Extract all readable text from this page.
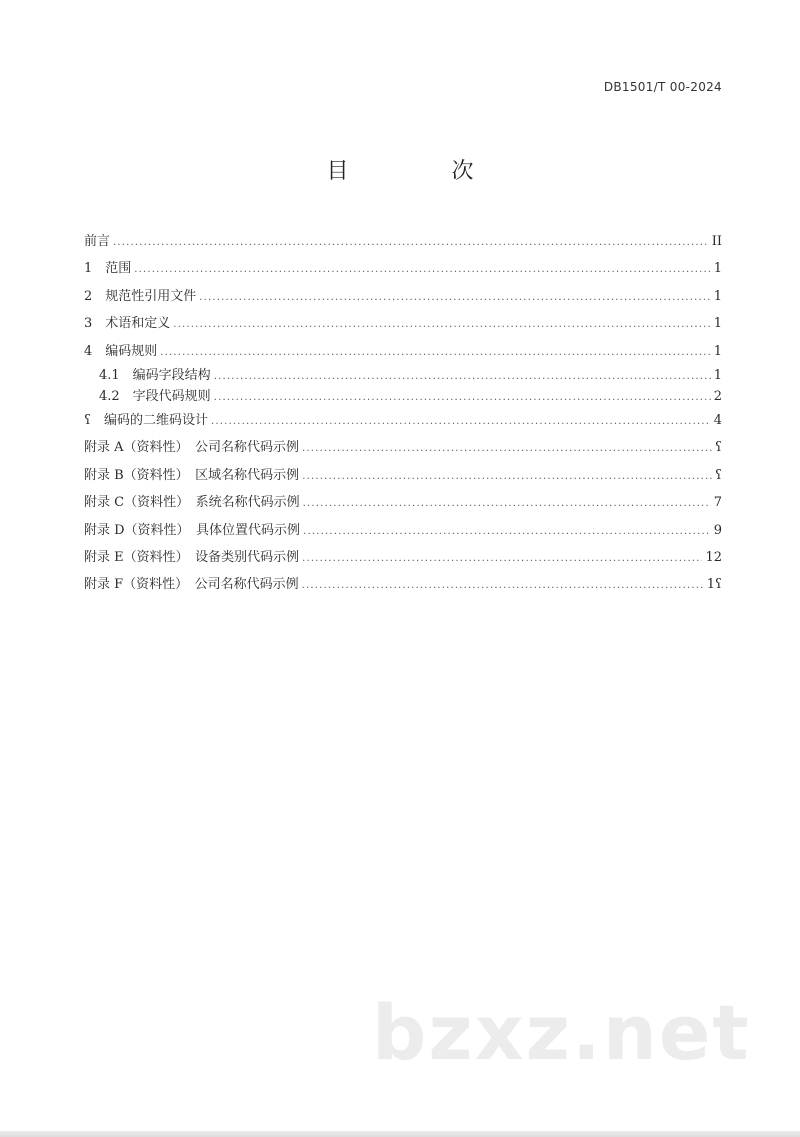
DB1501/T 00-2024
目 次
前言 .....	II
1　范围 .....	1
2　规范性引用文件 .....	1
3　术语和定义 .....	1
4　编码规则 .....	1
4.1　编码字段结构 .....	1
4.2　字段代码规则 .....	2
ʕ　编码的二维码设计 .....	4
附录 A（资料性）　公司名称代码示例 .....	ʕ
附录 B（资料性）　区域名称代码示例 .....	ʕ
附录 C（资料性）　系统名称代码示例 .....	7
附录 D（资料性）　具体位置代码示例 .....	9
附录 E（资料性）　设备类别代码示例 .....	12
附录 F（资料性）　公司名称代码示例 .....	1ʕ
bzxz.net
